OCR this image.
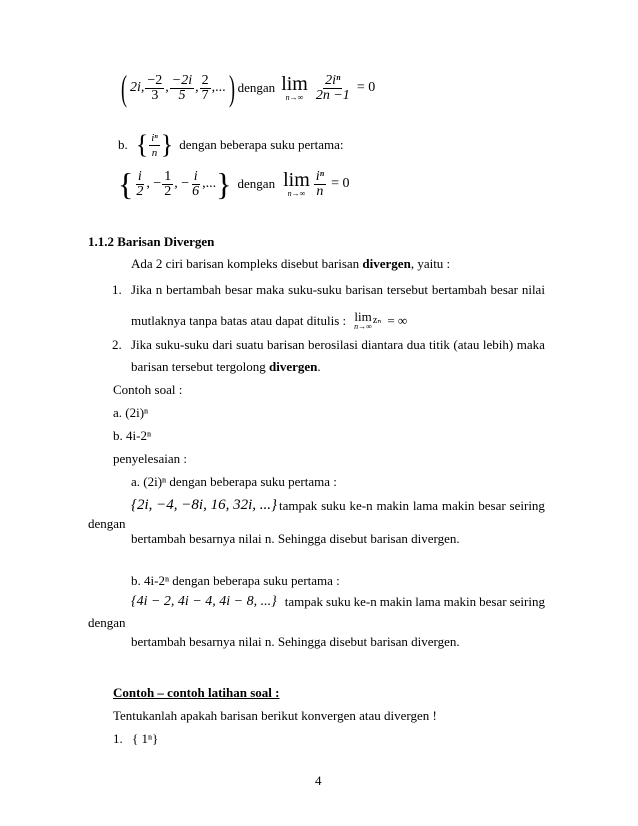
( 2i, $\frac{-2}{3}$ , $\frac{-2i}{5}$ , $\frac{2}{7}$ ,... ) dengan lim
$n\to\infty \frac{\text{2iⁿ}}{2n -1} = 0$
b. { $\frac{\text{iⁿ}}{n}$ } dengan beberapa suku pertama:
{ $\frac{i}{2}$ , − $\frac{1}{2}$ , − $\frac{i}{6}$ ,... } dengan lim
$n\to\infty \frac{\text{iⁿ}}{n} = 0$
1.1.2 Barisan Divergen
Ada 2 ciri barisan kompleks disebut barisan divergen, yaitu :
1. Jika n bertambah besar maka suku-suku barisan tersebut bertambah besar nilai
mutlaknya tanpa batas atau dapat ditulis : lim
n→∞
zₙ = ∞
2. Jika suku-suku dari suatu barisan berosilasi diantara dua titik (atau lebih) maka
barisan tersebut tergolong divergen.
Contoh soal :
a. (2i)ⁿ
b. 4i-2ⁿ
penyelesaian :
a. (2i)ⁿ dengan beberapa suku pertama :
{2i, −4, −8i, 16, 32i, ...} tampak suku ke-n makin lama makin besar seiring
dengan
bertambah besarnya nilai n. Sehingga disebut barisan divergen.
b. 4i-2ⁿ dengan beberapa suku pertama :
{4i − 2, 4i − 4, 4i − 8, ...} tampak suku ke-n makin lama makin besar seiring
dengan
bertambah besarnya nilai n. Sehingga disebut barisan divergen.
Contoh – contoh latihan soal :
Tentukanlah apakah barisan berikut konvergen atau divergen !
1. { 1ⁿ}
4
